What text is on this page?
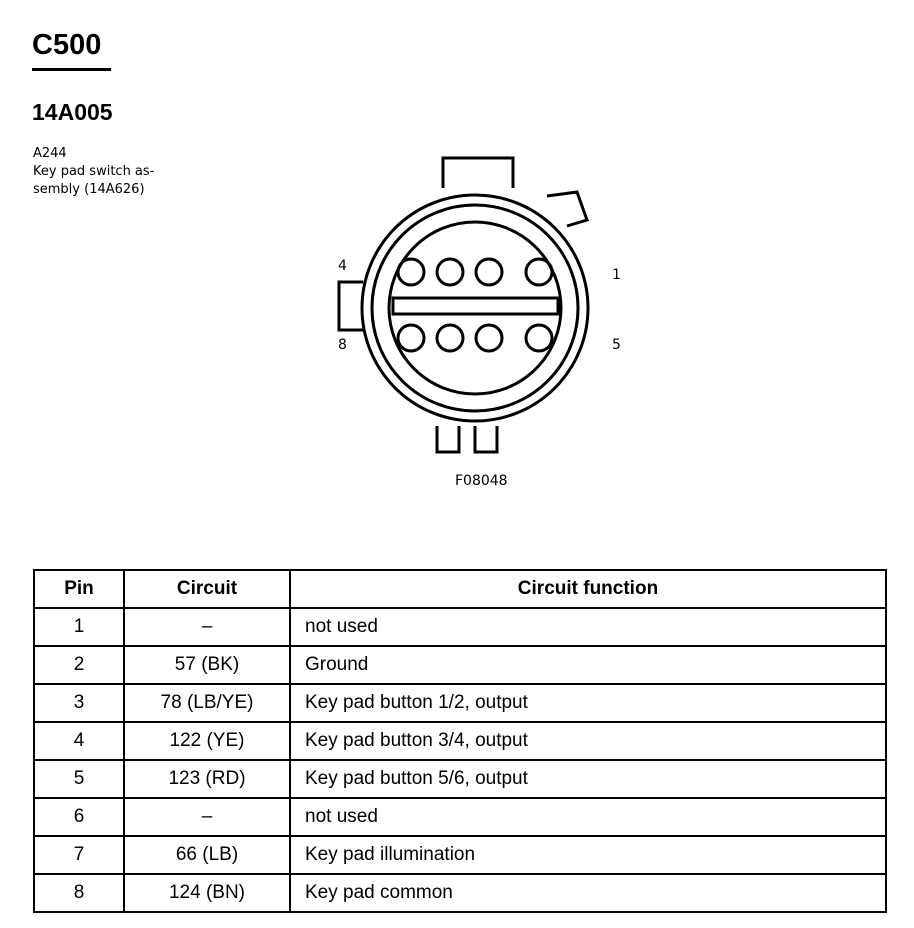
C500
14A005
A244
Key pad switch as-
sembly (14A626)
4
1
8	5
F08048
Pin	Circuit	Circuit function
1	–	not used
2	57 (BK)	Ground
3	78 (LB/YE)	Key pad button 1/2, output
4	122 (YE)	Key pad button 3/4, output
5	123 (RD)	Key pad button 5/6, output
6	–	not used
7	66 (LB)	Key pad illumination
8	124 (BN)	Key pad common
